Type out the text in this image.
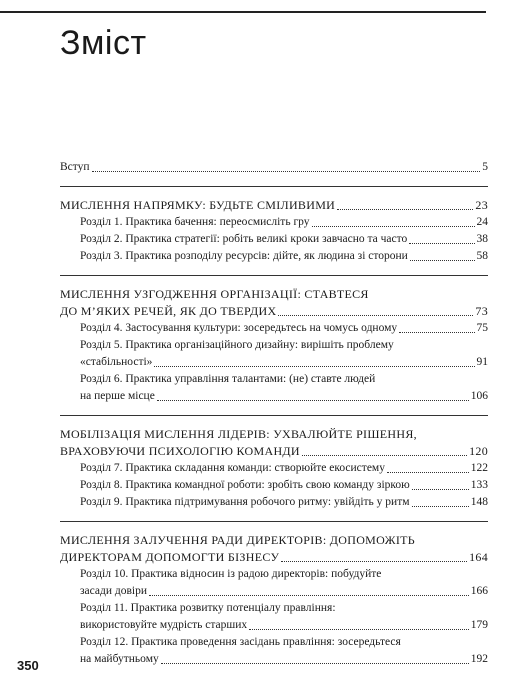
Зміст
Вступ	5
МИСЛЕННЯ НАПРЯМКУ: БУДЬТЕ СМІЛИВИМИ	23
Розділ 1. Практика бачення: переосмисліть гру	24
Розділ 2. Практика стратегії: робіть великі кроки завчасно та часто	38
Розділ 3. Практика розподілу ресурсів: дійте, як людина зі сторони	58
МИСЛЕННЯ УЗГОДЖЕННЯ ОРГАНІЗАЦІЇ: СТАВТЕСЯ
ДО М’ЯКИХ РЕЧЕЙ, ЯК ДО ТВЕРДИХ	73
Розділ 4. Застосування культури: зосередьтесь на чомусь одному	75
Розділ 5. Практика організаційного дизайну: вирішіть проблему
«стабільності»	91
Розділ 6. Практика управління талантами: (не) ставте людей
на перше місце	106
МОБІЛІЗАЦІЯ МИСЛЕННЯ ЛІДЕРІВ: УХВАЛЮЙТЕ РІШЕННЯ,
ВРАХОВУЮЧИ ПСИХОЛОГІЮ КОМАНДИ	120
Розділ 7. Практика складання команди: створюйте екосистему	122
Розділ 8. Практика командної роботи: зробіть свою команду зіркою	133
Розділ 9. Практика підтримування робочого ритму: увійдіть у ритм	148
МИСЛЕННЯ ЗАЛУЧЕННЯ РАДИ ДИРЕКТОРІВ: ДОПОМОЖІТЬ
ДИРЕКТОРАМ ДОПОМОГТИ БІЗНЕСУ	164
Розділ 10. Практика відносин із радою директорів: побудуйте
засади довіри	166
Розділ 11. Практика розвитку потенціалу правління:
використовуйте мудрість старших	179
Розділ 12. Практика проведення засідань правління: зосередьтеся
на майбутньому	192
350
